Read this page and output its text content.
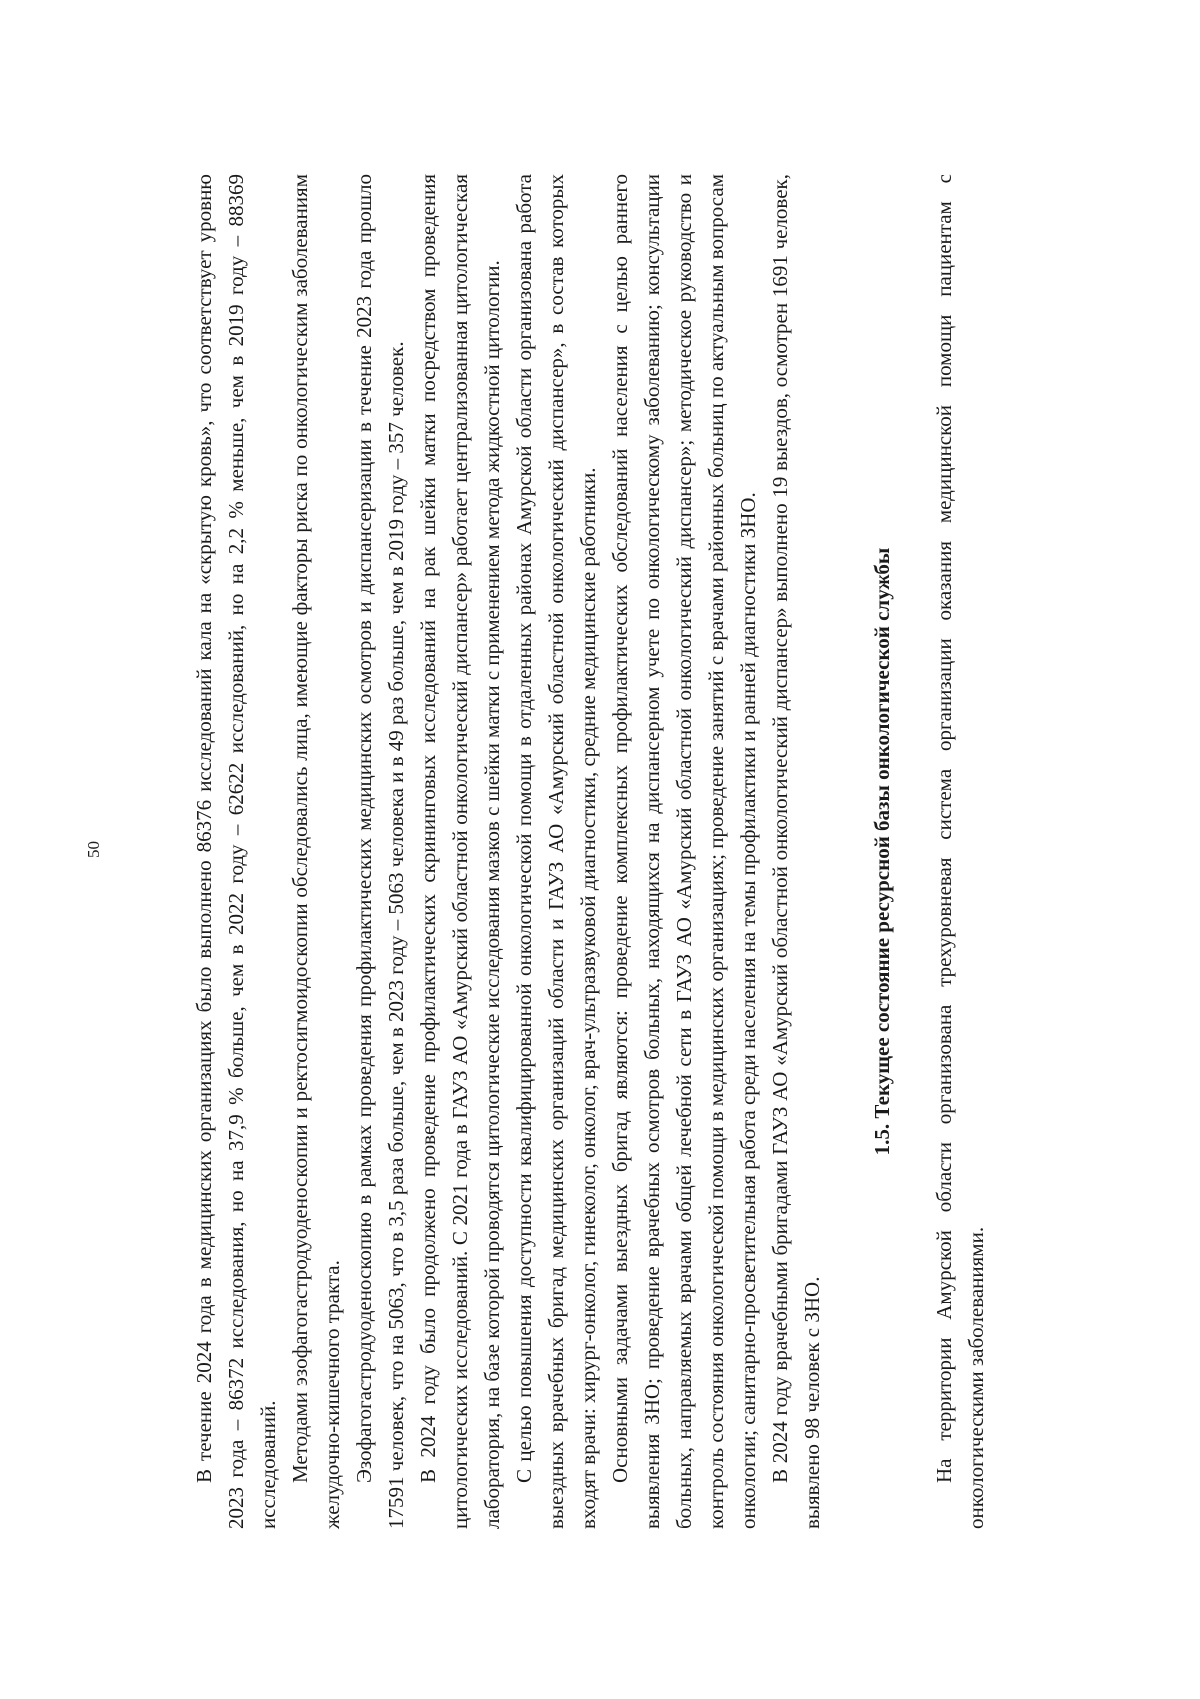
50	В течение 2024 года в медицинских организациях было выполнено 86376 исследований кала на «скрытую кровь», что соответствует уровню 2023 года – 86372 исследования, но на 37,9 % больше, чем в 2022 году – 62622 исследований, но на 2,2 % меньше, чем в 2019 году – 88369 исследований. Методами эзофагогастродуоденоскопии и ректосигмоидоскопии обследовались лица, имеющие факторы риска по онкологическим заболеваниям желудочно-кишечного тракта. Эзофагогастродуоденоскопию в рамках проведения профилактических медицинских осмотров и диспансеризации в течение 2023 года прошло 17591 человек, что на 5063, что в 3,5 раза больше, чем в 2023 году – 5063 человека и в 49 раз больше, чем в 2019 году – 357 человек. В 2024 году было продолжено проведение профилактических скрининговых исследований на рак шейки матки посредством проведения цитологических исследований. С 2021 года в ГАУЗ АО «Амурский областной онкологический диспансер» работает централизованная цитологическая лаборатория, на базе которой проводятся цитологические исследования мазков с шейки матки с применением метода жидкостной цитологии. С целью повышения доступности квалифицированной онкологической помощи в отдаленных районах Амурской области организована работа выездных врачебных бригад медицинских организаций области и ГАУЗ АО «Амурский областной онкологический диспансер», в состав которых входят врачи: хирург-онколог, гинеколог, онколог, врач-ультразвуковой диагностики, средние медицинские работники. Основными задачами выездных бригад являются: проведение комплексных профилактических обследований населения с целью раннего выявления ЗНО; проведение врачебных осмотров больных, находящихся на диспансерном учете по онкологическому заболеванию; консультации больных, направляемых врачами общей лечебной сети в ГАУЗ АО «Амурский областной онкологический диспансер»; методическое руководство и контроль состояния онкологической помощи в медицинских организациях; проведение занятий с врачами районных больниц по актуальным вопросам онкологии; санитарно-просветительная работа среди населения на темы профилактики и ранней диагностики ЗНО. В 2024 году врачебными бригадами ГАУЗ АО «Амурский областной онкологический диспансер» выполнено 19 выездов, осмотрен 1691 человек, выявлено 98 человек с ЗНО.

1.5. Текущее состояние ресурсной базы онкологической службы На территории Амурской области организована трехуровневая система организации оказания медицинской помощи пациентам с онкологическими заболеваниями.
